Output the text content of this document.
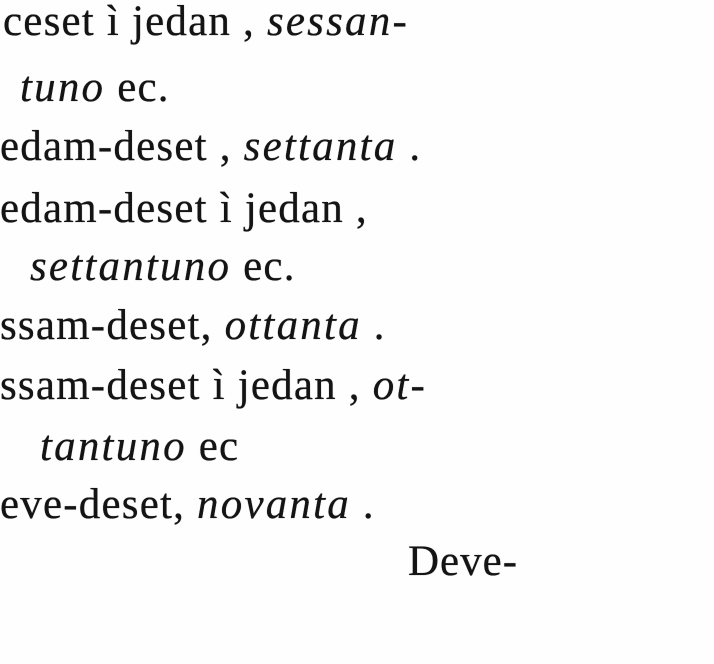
ceset ì jedan , sessan-
tuno ec.
edam-deset , settanta .
edam-deset ì jedan ,
settantuno ec.
ssam-deset, ottanta .
ssam-deset ì jedan , ot-
tantuno ec
eve-deset, novanta .
Deve-
